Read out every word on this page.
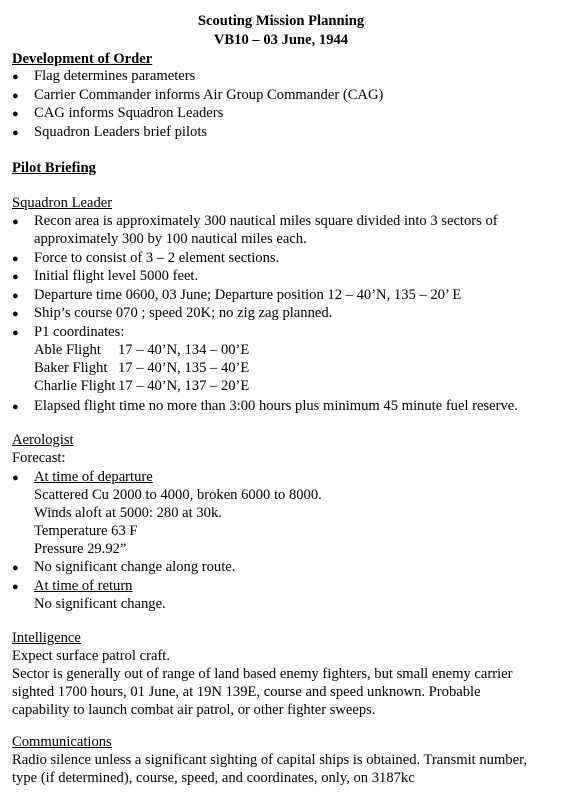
Scouting Mission Planning
VB10 – 03 June, 1944
Development of Order
● Flag determines parameters
● Carrier Commander informs Air Group Commander (CAG)
● CAG informs Squadron Leaders
● Squadron Leaders brief pilots
Pilot Briefing
Squadron Leader
● Recon area is approximately 300 nautical miles square divided into 3 sectors of
approximately 300 by 100 nautical miles each.
● Force to consist of 3 – 2 element sections.
● Initial flight level 5000 feet.
● Departure time 0600, 03 June; Departure position 12 – 40’N, 135 – 20’ E
● Ship’s course 070 ; speed 20K; no zig zag planned.
● P1 coordinates:
Able Flight 17 – 40’N, 134 – 00’E
Baker Flight 17 – 40’N, 135 – 40’E
Charlie Flight 17 – 40’N, 137 – 20’E
● Elapsed flight time no more than 3:00 hours plus minimum 45 minute fuel reserve.
Aerologist
Forecast:
● At time of departure
Scattered Cu 2000 to 4000, broken 6000 to 8000.
Winds aloft at 5000: 280 at 30k.
Temperature 63 F
Pressure 29.92”
● No significant change along route.
● At time of return
No significant change.
Intelligence
Expect surface patrol craft.
Sector is generally out of range of land based enemy fighters, but small enemy carrier
sighted 1700 hours, 01 June, at 19N 139E, course and speed unknown. Probable
capability to launch combat air patrol, or other fighter sweeps.
Communications
Radio silence unless a significant sighting of capital ships is obtained. Transmit number,
type (if determined), course, speed, and coordinates, only, on 3187kc
